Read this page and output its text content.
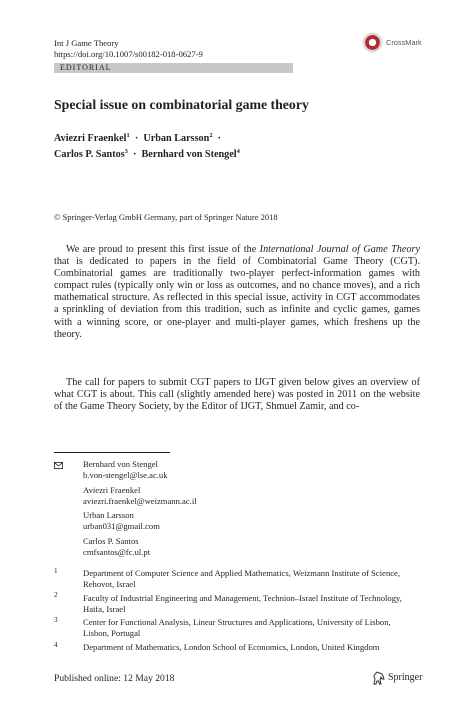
Int J Game Theory
https://doi.org/10.1007/s00182-018-0627-9
CrossMark
EDITORIAL
Special issue on combinatorial game theory
Aviezri Fraenkel$^1$ · Urban Larsson$^2$ ·
Carlos P. Santos$^3$ · Bernhard von Stengel$^4$
© Springer-Verlag GmbH Germany, part of Springer Nature 2018
We are proud to present this first issue of the International Journal of Game Theory that is dedicated to papers in the field of Combinatorial Game Theory (CGT). Combinatorial games are traditionally two-player perfect-information games with compact rules (typically only win or loss as outcomes, and no chance moves), and a rich mathematical structure. As reflected in this special issue, activity in CGT accommodates a sprinkling of deviation from this tradition, such as infinite and cyclic games, games with a winning score, or one-player and multi-player games, which freshens up the theory.
The call for papers to submit CGT papers to IJGT given below gives an overview of what CGT is about. This call (slightly amended here) was posted in 2011 on the website of the Game Theory Society, by the Editor of IJGT, Shmuel Zamir, and co-
Bernhard von Stengel
b.von-stengel@lse.ac.uk
Aviezri Fraenkel
aviezri.fraenkel@weizmann.ac.il
Urban Larsson
urban031@gmail.com
Carlos P. Santos
cmfsantos@fc.ul.pt
1	Department of Computer Science and Applied Mathematics, Weizmann Institute of Science,
Rehovot, Israel
2	Faculty of Industrial Engineering and Management, Technion–Israel Institute of Technology,
Haifa, Israel
3	Center for Functional Analysis, Linear Structures and Applications, University of Lisbon,
Lisbon, Portugal
4	Department of Mathematics, London School of Economics, London, United Kingdom
Published online: 12 May 2018	Springer
